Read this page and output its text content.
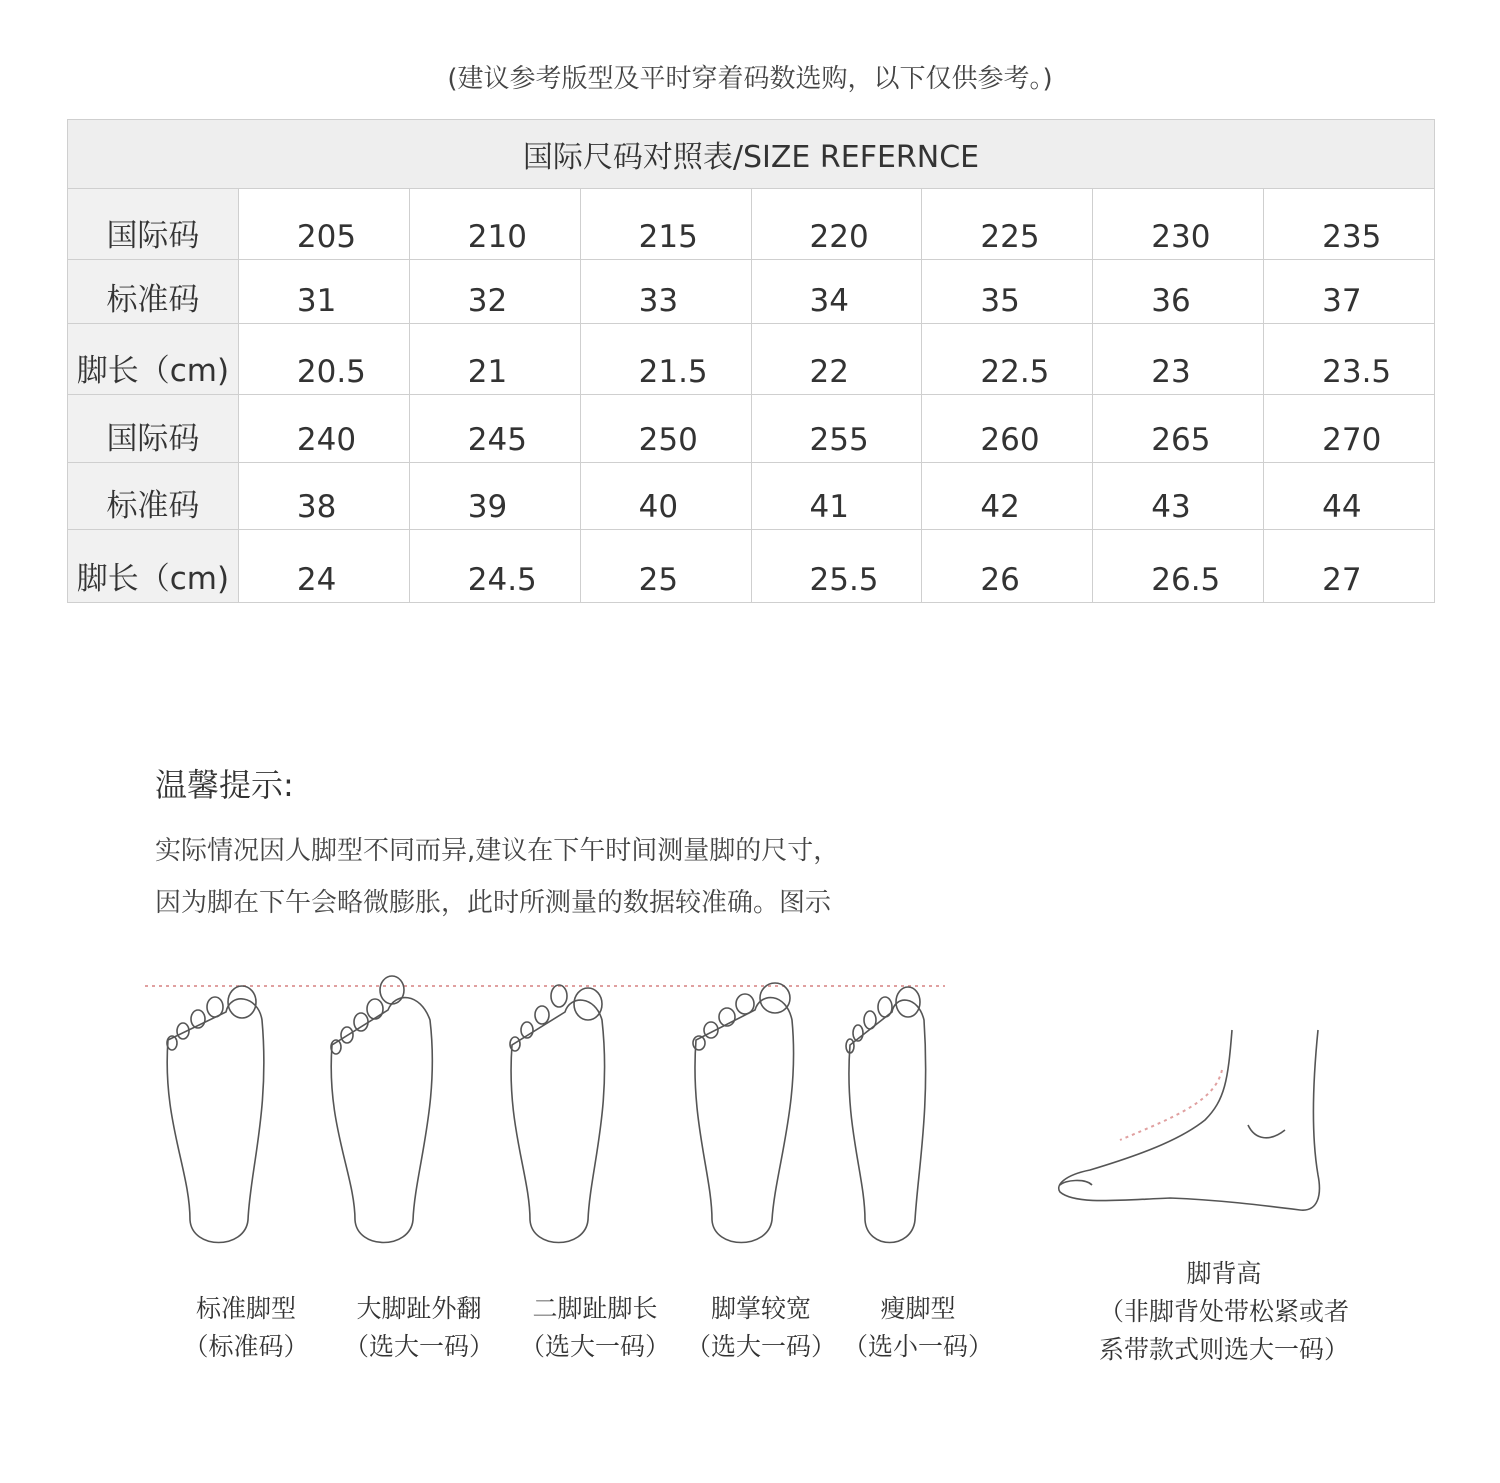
(建议参考版型及平时穿着码数选购，以下仅供参考。)
国际尺码对照表/SIZE REFERNCE							
国际码	205	210	215	220	225	230	235
标准码	31	32	33	34	35	36	37
脚长（cm)	20.5	21	21.5	22	22.5	23	23.5
国际码	240	245	250	255	260	265	270
标准码	38	39	40	41	42	43	44
脚长（cm)	24	24.5	25	25.5	26	26.5	27
温馨提示:
实际情况因人脚型不同而异,建议在下午时间测量脚的尺寸，
因为脚在下午会略微膨胀，此时所测量的数据较准确。图示
标准脚型
（标准码）
大脚趾外翻
（选大一码）
二脚趾脚长
（选大一码）
脚掌较宽
（选大一码）
瘦脚型
（选小一码）
脚背高
（非脚背处带松紧或者
系带款式则选大一码）
